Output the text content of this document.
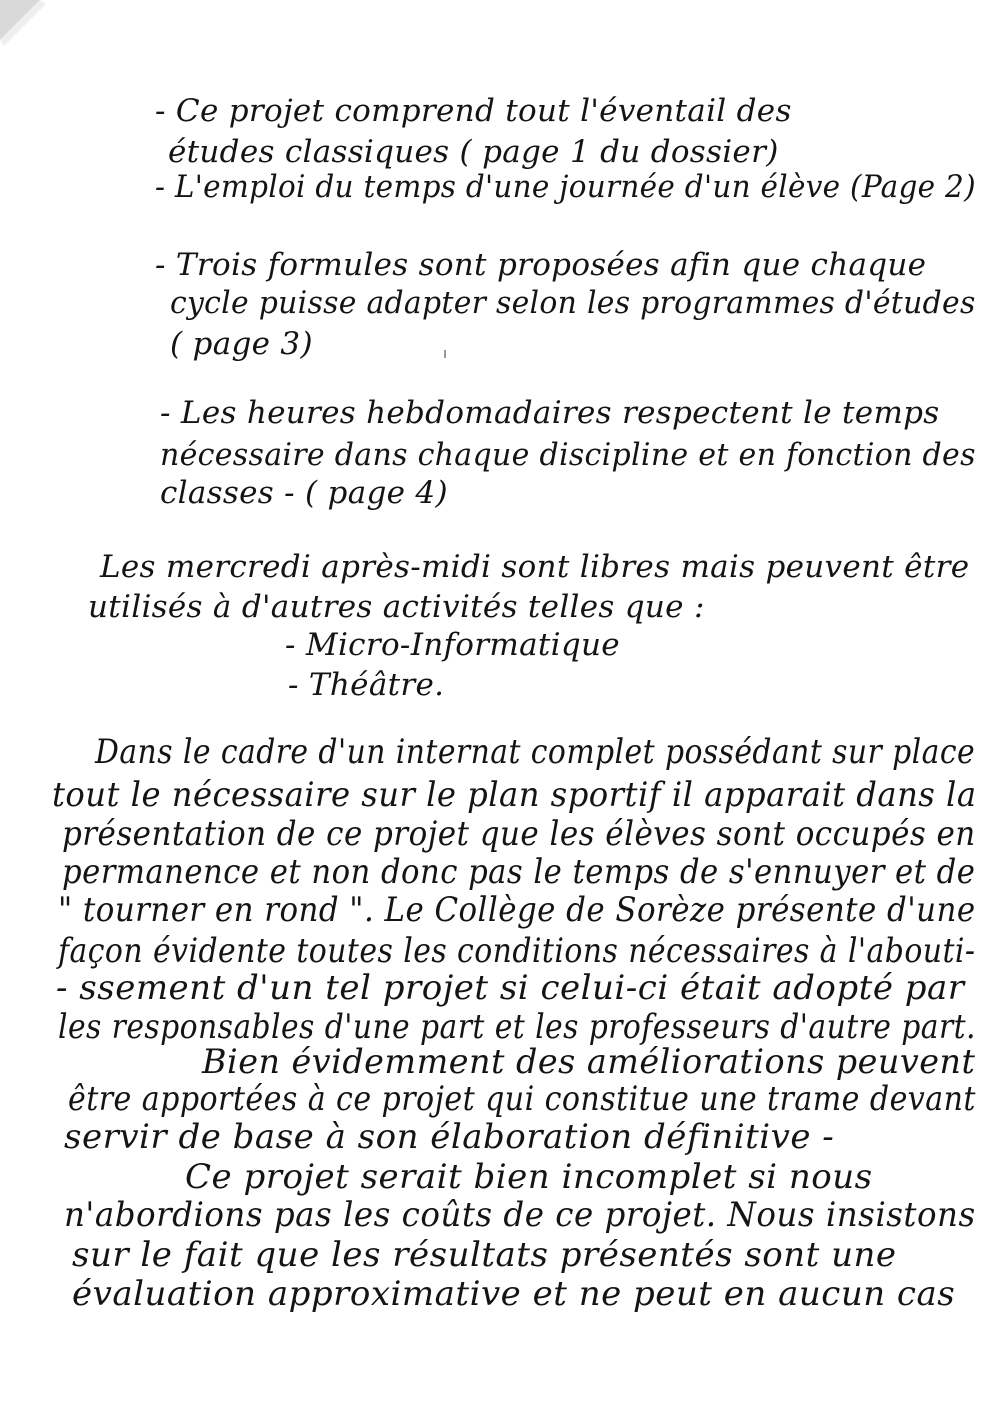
- Ce projet comprend tout l'éventail des
études classiques ( page 1 du dossier)
- L'emploi du temps d'une journée d'un élève (Page 2)
- Trois formules sont proposées afin que chaque
cycle puisse adapter selon les programmes d'études
( page 3)
- Les heures hebdomadaires respectent le temps
nécessaire dans chaque discipline et en fonction des
classes - ( page 4)
Les mercredi après-midi sont libres mais peuvent être
utilisés à d'autres activités telles que :
- Micro-Informatique
- Théâtre.
Dans le cadre d'un internat complet possédant sur place
tout le nécessaire sur le plan sportif il apparait dans la
présentation de ce projet que les élèves sont occupés en
permanence et non donc pas le temps de s'ennuyer et de
" tourner en rond ". Le Collège de Sorèze présente d'une
façon évidente toutes les conditions nécessaires à l'abouti-
- ssement d'un tel projet si celui-ci était adopté par
les responsables d'une part et les professeurs d'autre part.
Bien évidemment des améliorations peuvent
être apportées à ce projet qui constitue une trame devant
servir de base à son élaboration définitive -
Ce projet serait bien incomplet si nous
n'abordions pas les coûts de ce projet. Nous insistons
sur le fait que les résultats présentés sont une
évaluation approximative et ne peut en aucun cas
